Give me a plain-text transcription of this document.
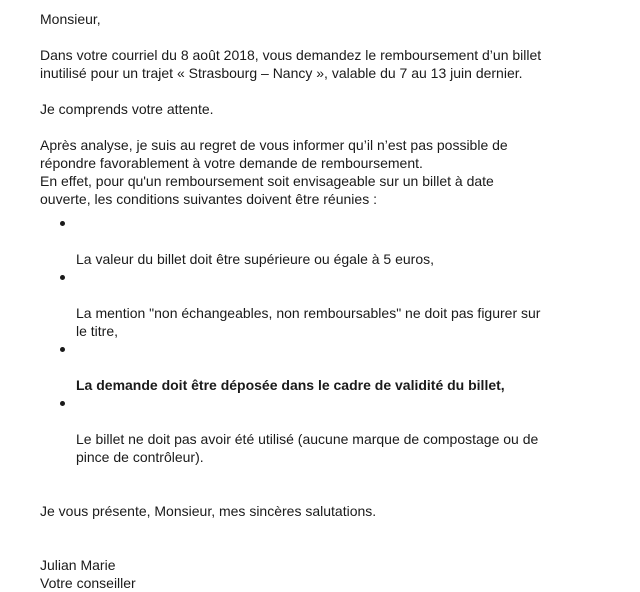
Monsieur,

Dans votre courriel du 8 août 2018, vous demandez le remboursement d’un billet
inutilisé pour un trajet « Strasbourg – Nancy », valable du 7 au 13 juin dernier.

Je comprends votre attente.

Après analyse, je suis au regret de vous informer qu’il n’est pas possible de
répondre favorablement à votre demande de remboursement.

En effet, pour qu'un remboursement soit envisageable sur un billet à date
ouverte, les conditions suivantes doivent être réunies :

La valeur du billet doit être supérieure ou égale à 5 euros,

La mention "non échangeables, non remboursables" ne doit pas figurer sur
le titre,

La demande doit être déposée dans le cadre de validité du billet,

Le billet ne doit pas avoir été utilisé (aucune marque de compostage ou de
pince de contrôleur).

Je vous présente, Monsieur, mes sincères salutations.

Julian Marie

Votre conseiller
